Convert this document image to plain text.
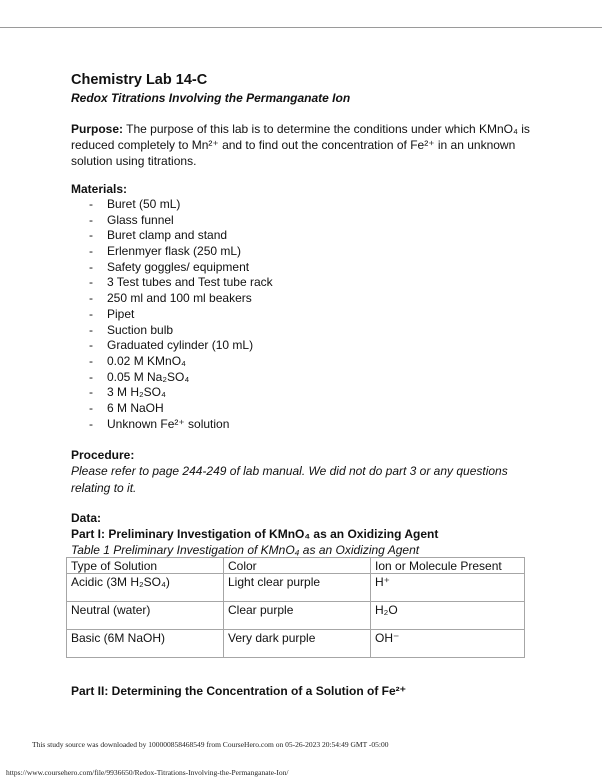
Chemistry Lab 14-C
Redox Titrations Involving the Permanganate Ion
Purpose: The purpose of this lab is to determine the conditions under which KMnO₄ is reduced completely to Mn²⁺ and to find out the concentration of Fe²⁺ in an unknown solution using titrations.
Materials:
- Buret (50 mL)
- Glass funnel
- Buret clamp and stand
- Erlenmyer flask (250 mL)
- Safety goggles/ equipment
- 3 Test tubes and Test tube rack
- 250 ml and 100 ml beakers
- Pipet
- Suction bulb
- Graduated cylinder (10 mL)
- 0.02 M KMnO₄
- 0.05 M Na₂SO₄
- 3 M H₂SO₄
- 6 M NaOH
- Unknown Fe²⁺ solution
Procedure:
Please refer to page 244-249 of lab manual. We did not do part 3 or any questions relating to it.
Data:
Part I: Preliminary Investigation of KMnO₄ as an Oxidizing Agent
Table 1 Preliminary Investigation of KMnO₄ as an Oxidizing Agent
Type of Solution	Color	Ion or Molecule Present
Acidic (3M H₂SO₄)	Light clear purple	H⁺
Neutral (water)	Clear purple	H₂O
Basic (6M NaOH)	Very dark purple	OH⁻
Part II: Determining the Concentration of a Solution of Fe²⁺
This study source was downloaded by 100000858468549 from CourseHero.com on 05-26-2023 20:54:49 GMT -05:00
https://www.coursehero.com/file/9936650/Redox-Titrations-Involving-the-Permanganate-Ion/
